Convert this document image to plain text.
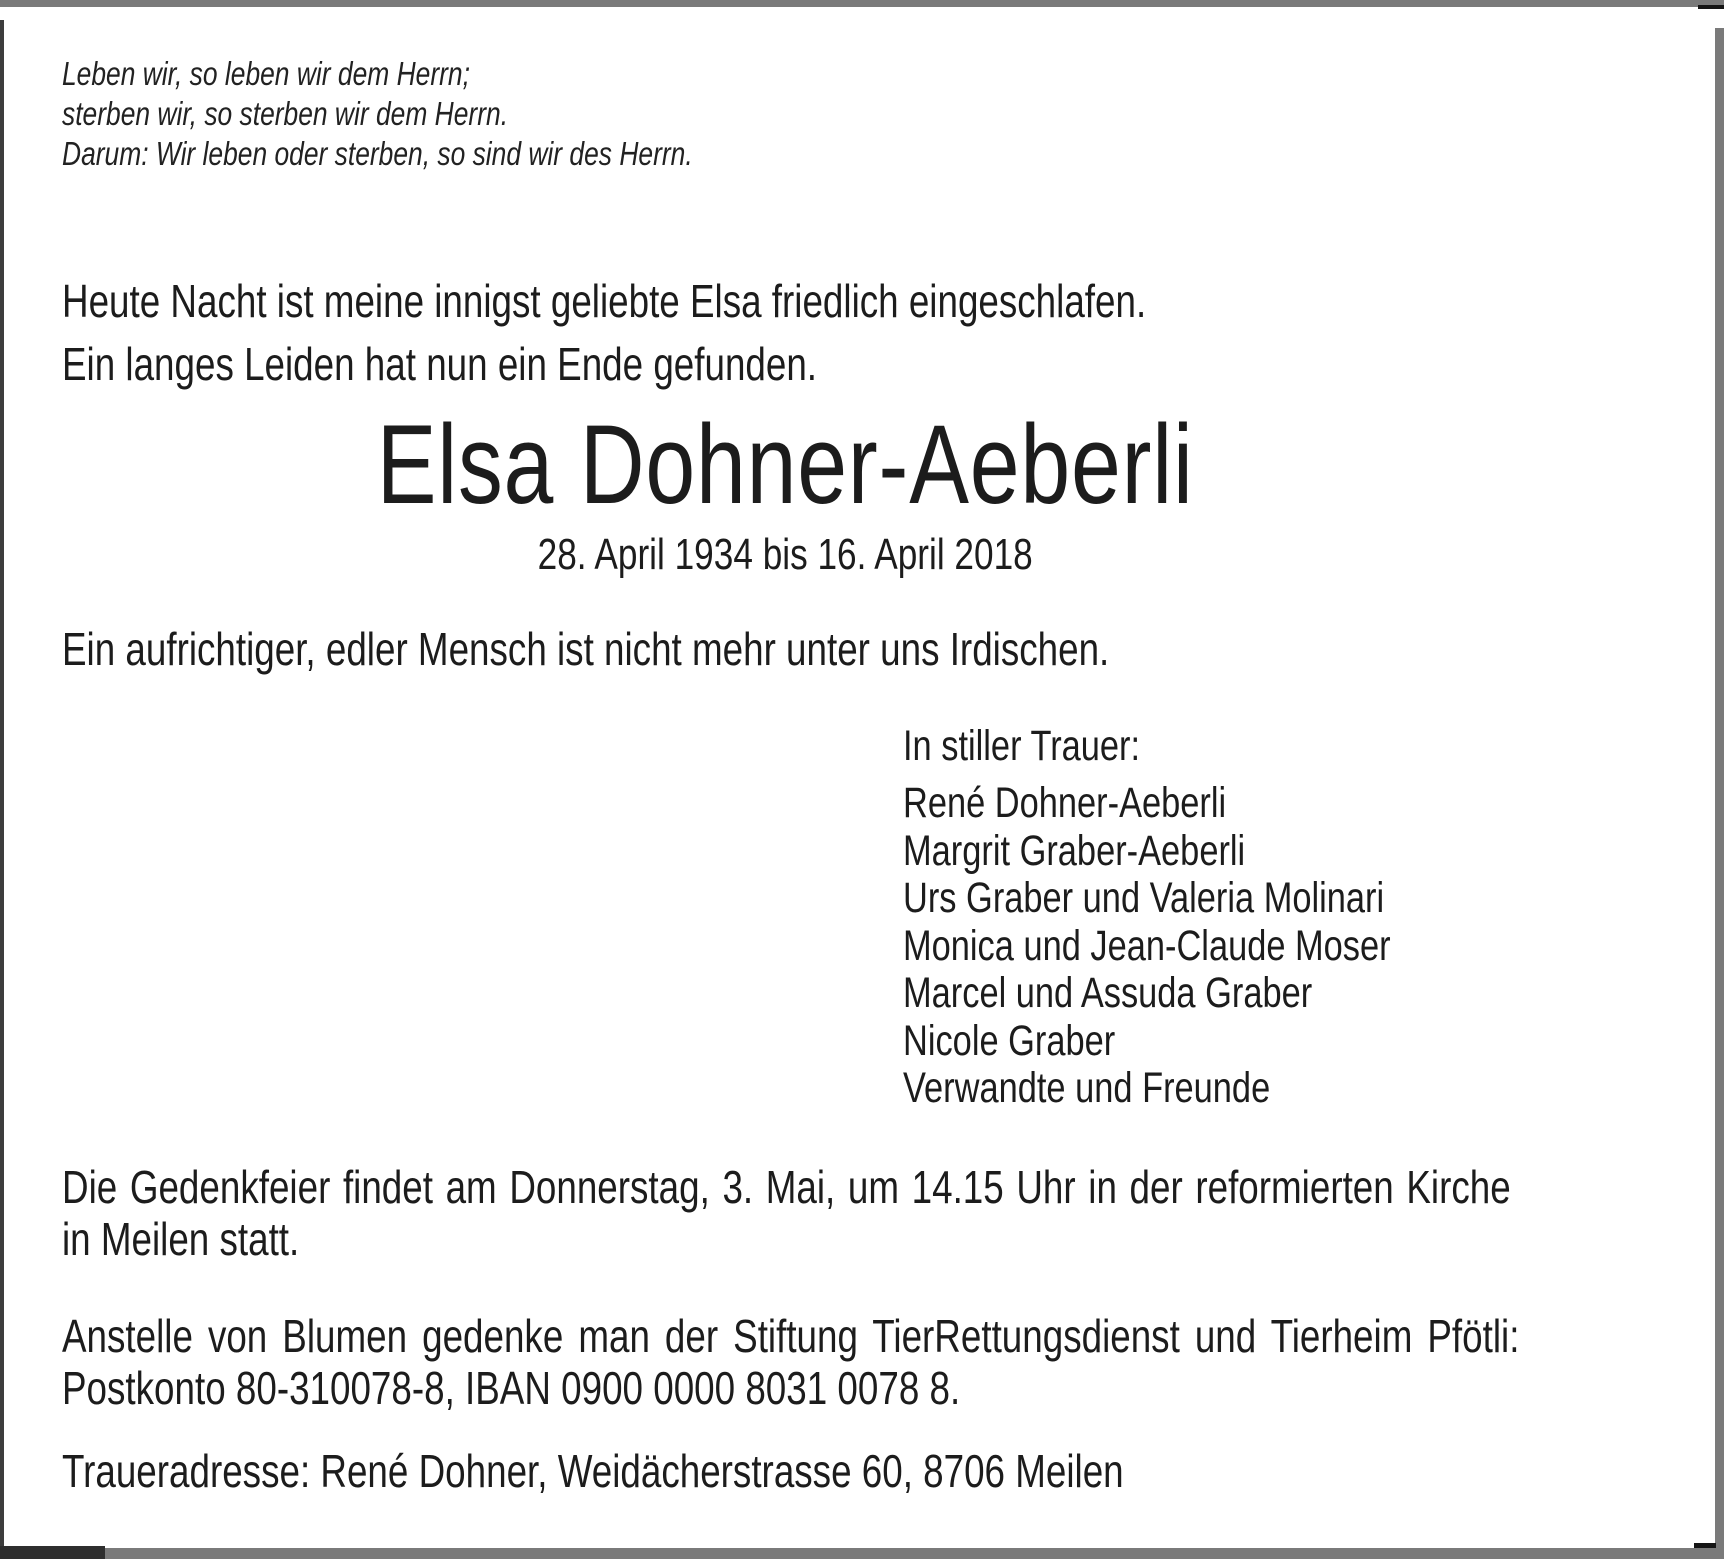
Leben wir, so leben wir dem Herrn;
sterben wir, so sterben wir dem Herrn.
Darum: Wir leben oder sterben, so sind wir des Herrn.
Heute Nacht ist meine innigst geliebte Elsa friedlich eingeschlafen.
Ein langes Leiden hat nun ein Ende gefunden.
Elsa Dohner-Aeberli
28. April 1934 bis 16. April 2018
Ein aufrichtiger, edler Mensch ist nicht mehr unter uns Irdischen.
In stiller Trauer:
René Dohner-Aeberli
Margrit Graber-Aeberli
Urs Graber und Valeria Molinari
Monica und Jean-Claude Moser
Marcel und Assuda Graber
Nicole Graber
Verwandte und Freunde
Die Gedenkfeier findet am Donnerstag, 3. Mai, um 14.15 Uhr in der reformierten Kirche
in Meilen statt.
Anstelle von Blumen gedenke man der Stiftung TierRettungsdienst und Tierheim Pfötli:
Postkonto 80-310078-8, IBAN 0900 0000 8031 0078 8.
Traueradresse: René Dohner, Weidächerstrasse 60, 8706 Meilen
